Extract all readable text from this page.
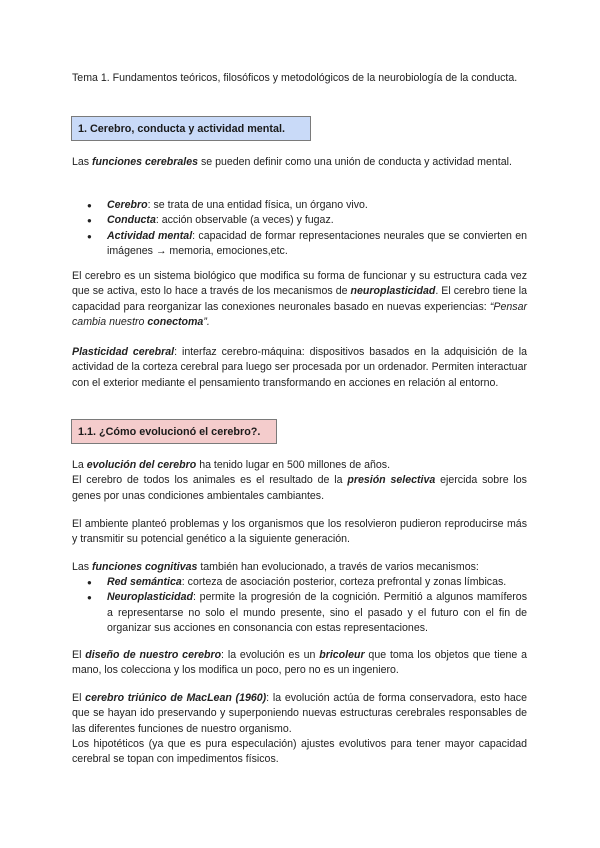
Tema 1. Fundamentos teóricos, filosóficos y metodológicos de la neurobiología de la conducta.

1. Cerebro, conducta y actividad mental.

Las funciones cerebrales se pueden definir como una unión de conducta y actividad mental.

● Cerebro: se trata de una entidad física, un órgano vivo.
● Conducta: acción observable (a veces) y fugaz.
● Actividad mental: capacidad de formar representaciones neurales que se convierten en imágenes → memoria, emociones,etc.

El cerebro es un sistema biológico que modifica su forma de funcionar y su estructura cada vez que se activa, esto lo hace a través de los mecanismos de neuroplasticidad. El cerebro tiene la capacidad para reorganizar las conexiones neuronales basado en nuevas experiencias: “Pensar cambia nuestro conectoma”.

Plasticidad cerebral: interfaz cerebro-máquina: dispositivos basados en la adquisición de la actividad de la corteza cerebral para luego ser procesada por un ordenador. Permiten interactuar con el exterior mediante el pensamiento transformando en acciones en relación al entorno.

1.1. ¿Cómo evolucionó el cerebro?.

La evolución del cerebro ha tenido lugar en 500 millones de años.
El cerebro de todos los animales es el resultado de la presión selectiva ejercida sobre los genes por unas condiciones ambientales cambiantes.

El ambiente planteó problemas y los organismos que los resolvieron pudieron reproducirse más y transmitir su potencial genético a la siguiente generación.

Las funciones cognitivas también han evolucionado, a través de varios mecanismos:

● Red semántica: corteza de asociación posterior, corteza prefrontal y zonas límbicas.
● Neuroplasticidad: permite la progresión de la cognición. Permitió a algunos mamíferos a representarse no solo el mundo presente, sino el pasado y el futuro con el fin de organizar sus acciones en consonancia con estas representaciones.

El diseño de nuestro cerebro: la evolución es un bricoleur que toma los objetos que tiene a mano, los colecciona y los modifica un poco, pero no es un ingeniero.

El cerebro triúnico de MacLean (1960): la evolución actúa de forma conservadora, esto hace que se hayan ido preservando y superponiendo nuevas estructuras cerebrales responsables de las diferentes funciones de nuestro organismo.
Los hipotéticos (ya que es pura especulación) ajustes evolutivos para tener mayor capacidad cerebral se topan con impedimentos físicos.
